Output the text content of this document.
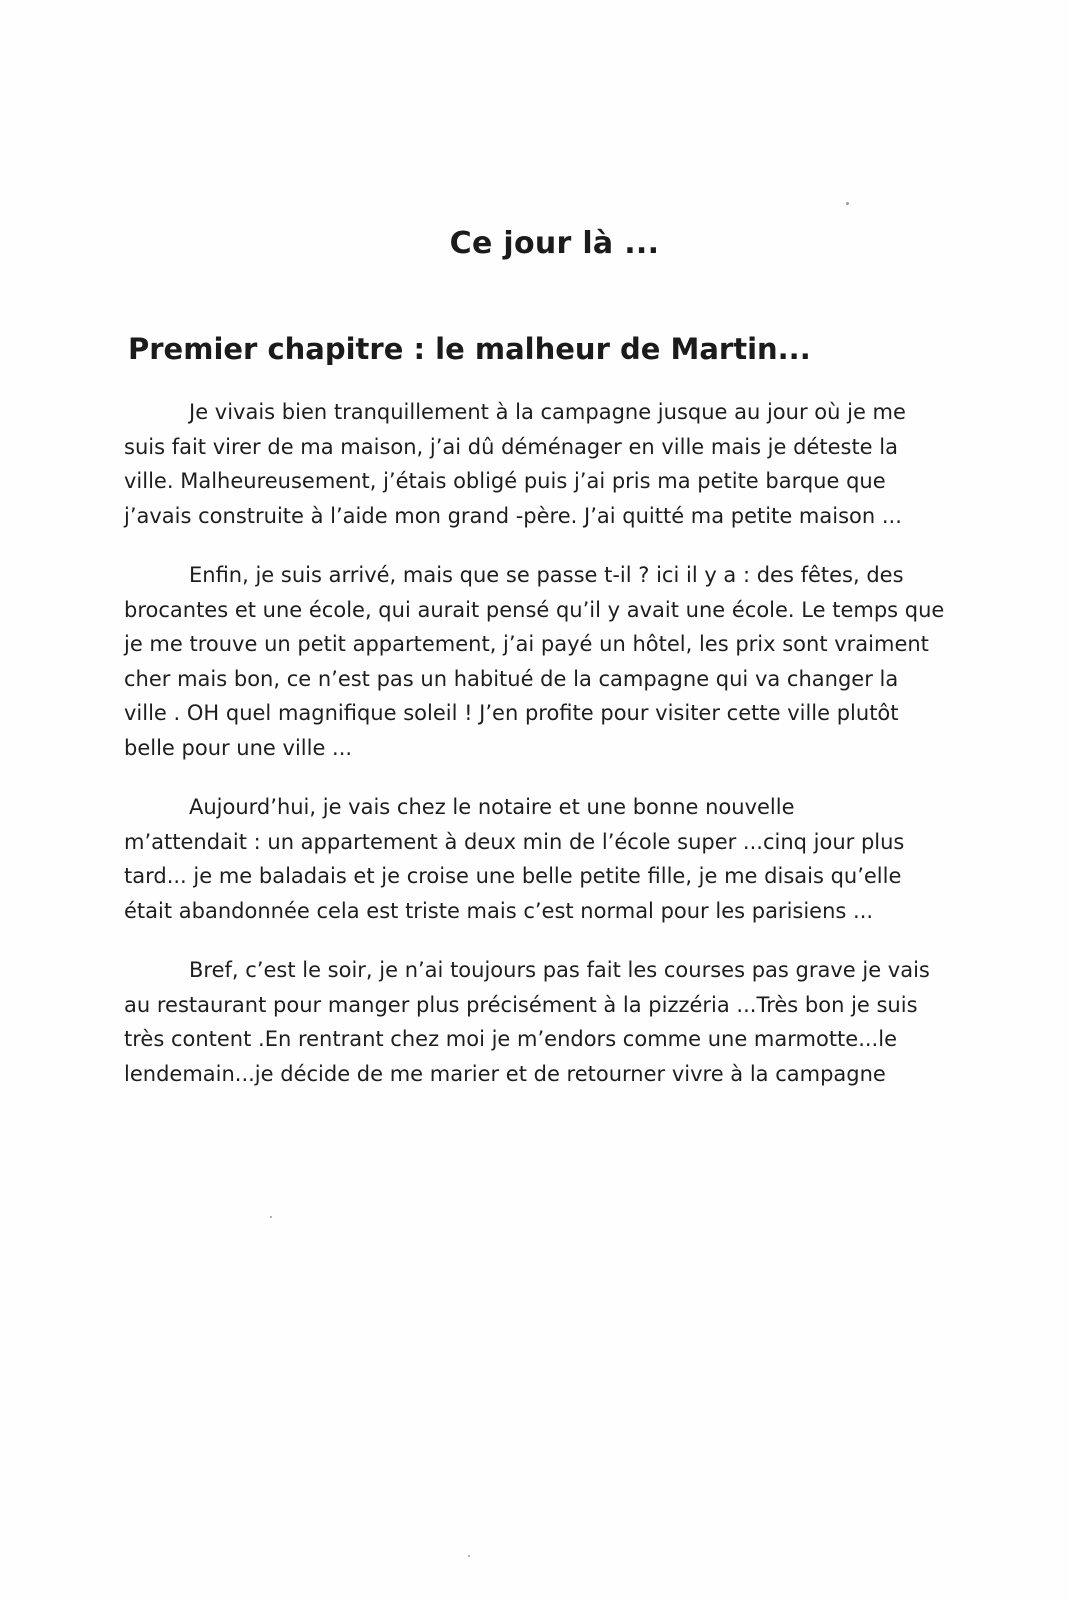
Ce jour là ...
Premier chapitre : le malheur de Martin...

Je vivais bien tranquillement à la campagne jusque au jour où je me
suis fait virer de ma maison, j’ai dû déménager en ville mais je déteste la
ville. Malheureusement, j’étais obligé puis j’ai pris ma petite barque que
j’avais construite à l’aide mon grand -père. J’ai quitté ma petite maison ...

Enfin, je suis arrivé, mais que se passe t-il ? ici il y a : des fêtes, des
brocantes et une école, qui aurait pensé qu’il y avait une école. Le temps que
je me trouve un petit appartement, j’ai payé un hôtel, les prix sont vraiment
cher mais bon, ce n’est pas un habitué de la campagne qui va changer la
ville . OH quel magnifique soleil ! J’en profite pour visiter cette ville plutôt
belle pour une ville ...

Aujourd’hui, je vais chez le notaire et une bonne nouvelle
m’attendait : un appartement à deux min de l’école super ...cinq jour plus
tard... je me baladais et je croise une belle petite fille, je me disais qu’elle
était abandonnée cela est triste mais c’est normal pour les parisiens ...

Bref, c’est le soir, je n’ai toujours pas fait les courses pas grave je vais
au restaurant pour manger plus précisément à la pizzéria ...Très bon je suis
très content .En rentrant chez moi je m’endors comme une marmotte...le
lendemain...je décide de me marier et de retourner vivre à la campagne
